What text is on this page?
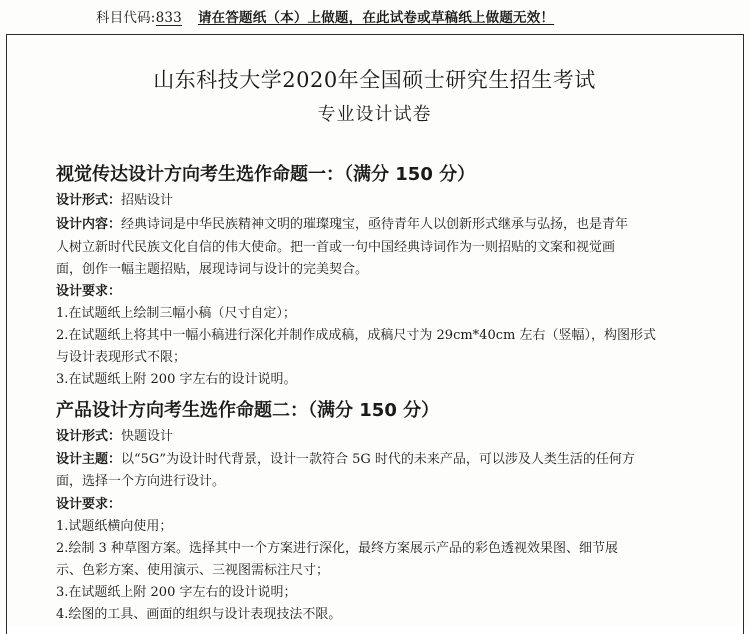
科目代码:833 请在答题纸（本）上做题，在此试卷或草稿纸上做题无效！
山东科技大学2020年全国硕士研究生招生考试
专业设计试卷
视觉传达设计方向考生选作命题一：（满分 150 分）
设计形式：招贴设计
设计内容：经典诗词是中华民族精神文明的璀璨瑰宝，亟待青年人以创新形式继承与弘扬，也是青年
人树立新时代民族文化自信的伟大使命。把一首或一句中国经典诗词作为一则招贴的文案和视觉画
面，创作一幅主题招贴，展现诗词与设计的完美契合。
设计要求：
1.在试题纸上绘制三幅小稿（尺寸自定）；
2.在试题纸上将其中一幅小稿进行深化并制作成成稿，成稿尺寸为 29cm*40cm 左右（竖幅），构图形式
与设计表现形式不限；
3.在试题纸上附 200 字左右的设计说明。
产品设计方向考生选作命题二：（满分 150 分）
设计形式：快题设计
设计主题：以“5G”为设计时代背景，设计一款符合 5G 时代的未来产品，可以涉及人类生活的任何方
面，选择一个方向进行设计。
设计要求：
1.试题纸横向使用；
2.绘制 3 种草图方案。选择其中一个方案进行深化，最终方案展示产品的彩色透视效果图、细节展
示、色彩方案、使用演示、三视图需标注尺寸；
3.在试题纸上附 200 字左右的设计说明；
4.绘图的工具、画面的组织与设计表现技法不限。
